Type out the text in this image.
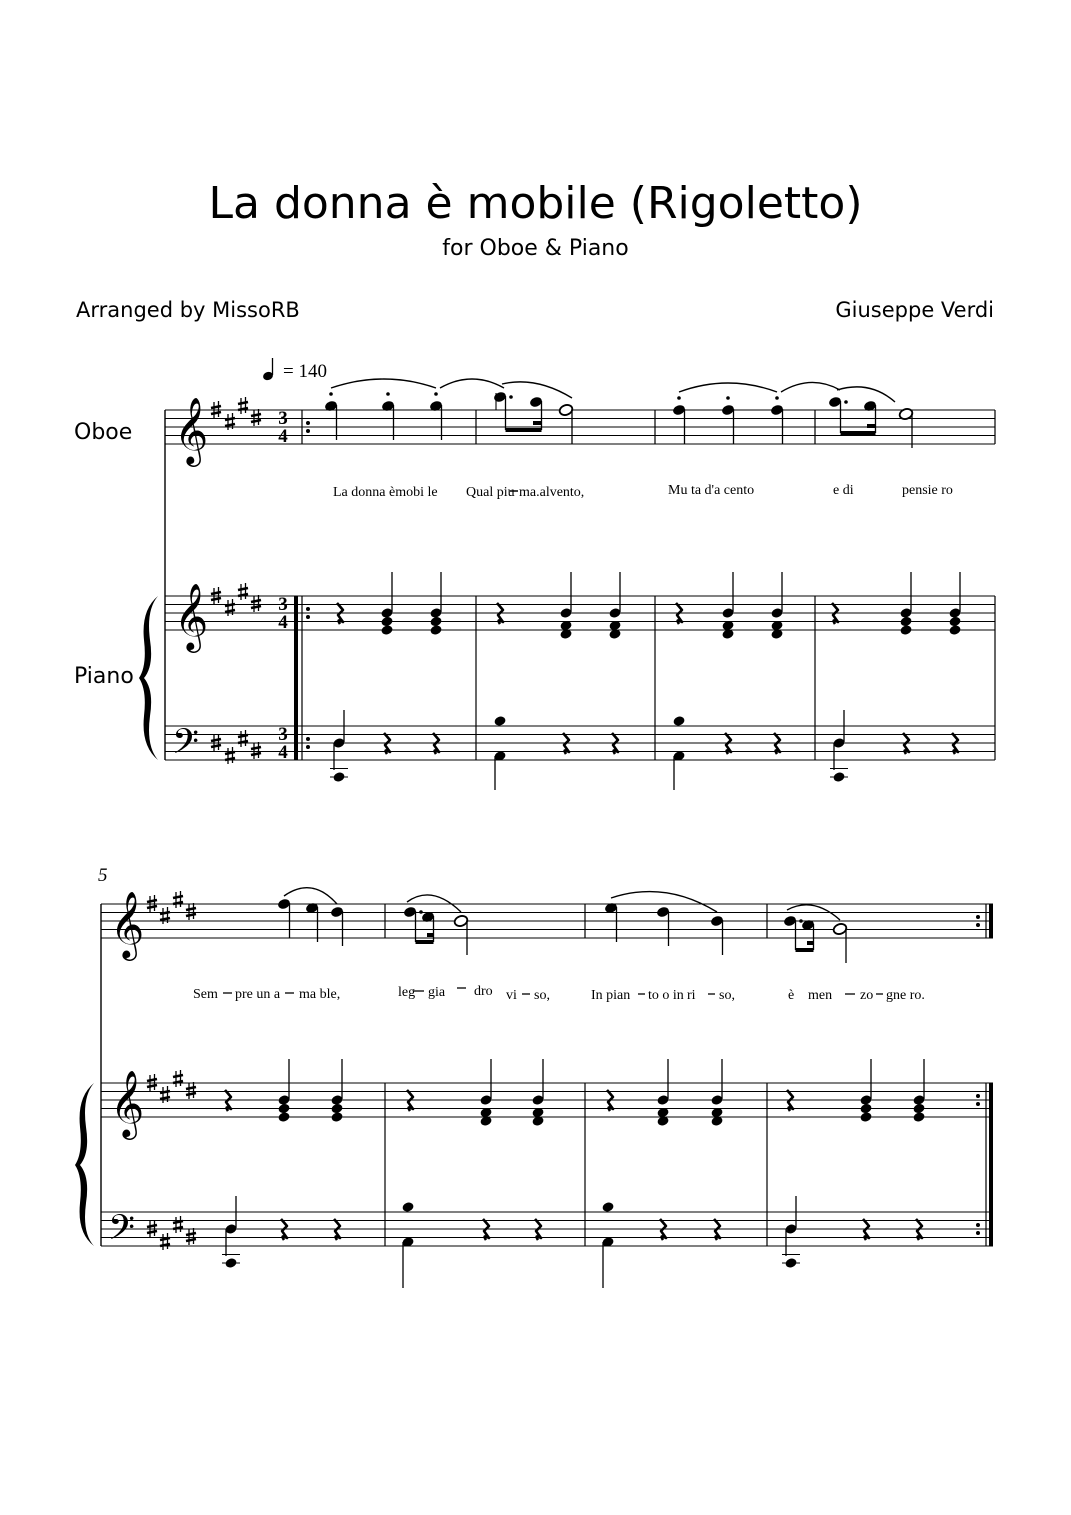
La donna è mobile (Rigoletto)
for Oboe & Piano
Arranged by MissoRB	Giuseppe Verdi
Oboe
Piano
= 140
𝄞
𝄞
𝄢
3
4
3
4
3
4
La donna èmobi le Qual piu ma.alvento,	Mu ta d'a cento	e di	pensie ro
5
𝄞
𝄞
𝄢
Sem pre un a ma ble,	leg gia dro vi so,	In pian to o in ri so,	è men zo gne ro.
